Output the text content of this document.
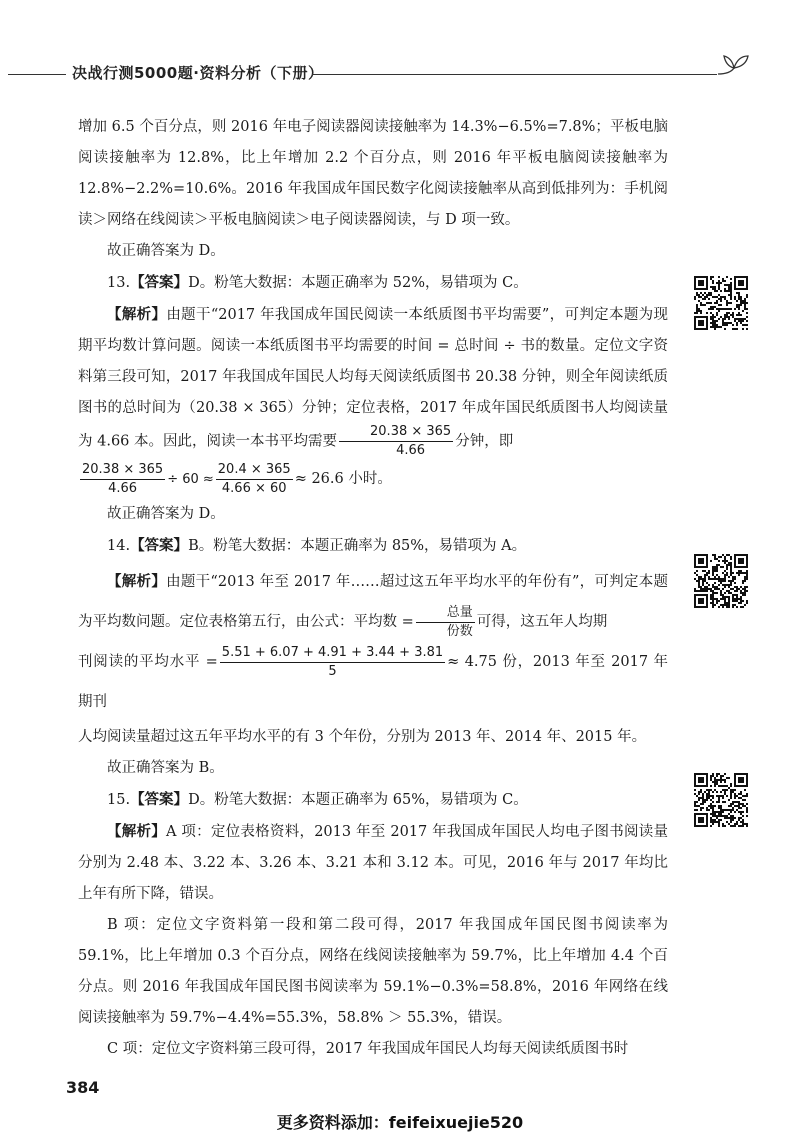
决战行测5000题·资料分析（下册）

增加 6.5 个百分点，则 2016 年电子阅读器阅读接触率为 14.3%−6.5%=7.8%；平板电脑阅读接触率为 12.8%，比上年增加 2.2 个百分点，则 2016 年平板电脑阅读接触率为 12.8%−2.2%=10.6%。2016 年我国成年国民数字化阅读接触率从高到低排列为：手机阅读＞网络在线阅读＞平板电脑阅读＞电子阅读器阅读，与 D 项一致。

故正确答案为 D。

13.【答案】D。粉笔大数据：本题正确率为 52%，易错项为 C。

【解析】由题干“2017 年我国成年国民阅读一本纸质图书平均需要”，可判定本题为现期平均数计算问题。阅读一本纸质图书平均需要的时间 = 总时间 ÷ 书的数量。定位文字资料第三段可知，2017 年我国成年国民人均每天阅读纸质图书 20.38 分钟，则全年阅读纸质图书的总时间为（20.38 × 365）分钟；定位表格，2017 年成年国民纸质图书人均阅读量为 4.66 本。因此，阅读一本书平均需要 $\frac{20.38 \times 365}{4.66}$ 分钟，即

$\frac{20.38 \times 365}{4.66} \div 60 \approx \frac{20.4 \times 365}{4.66 \times 60} \approx 26.6$ 小时。

故正确答案为 D。

14.【答案】B。粉笔大数据：本题正确率为 85%，易错项为 A。

【解析】由题干“2013 年至 2017 年……超过这五年平均水平的年份有”，可判定本题为平均数问题。定位表格第五行，由公式：平均数 = $\frac{\text{总量}}{\text{份数}}$ 可得，这五年人均期

刊阅读的平均水平 = $\frac{5.51 + 6.07 + 4.91 + 3.44 + 3.81}{5} \approx 4.75$ 份，2013 年至 2017 年期刊

人均阅读量超过这五年平均水平的有 3 个年份，分别为 2013 年、2014 年、2015 年。

故正确答案为 B。

15.【答案】D。粉笔大数据：本题正确率为 65%，易错项为 C。

【解析】A 项：定位表格资料，2013 年至 2017 年我国成年国民人均电子图书阅读量分别为 2.48 本、3.22 本、3.26 本、3.21 本和 3.12 本。可见，2016 年与 2017 年均比上年有所下降，错误。

B 项：定位文字资料第一段和第二段可得，2017 年我国成年国民图书阅读率为 59.1%，比上年增加 0.3 个百分点，网络在线阅读接触率为 59.7%，比上年增加 4.4 个百分点。则 2016 年我国成年国民图书阅读率为 59.1%−0.3%=58.8%，2016 年网络在线阅读接触率为 59.7%−4.4%=55.3%，58.8% ＞ 55.3%，错误。

C 项：定位文字资料第三段可得，2017 年我国成年国民人均每天阅读纸质图书时

384
更多资料添加：feifeixuejie520
